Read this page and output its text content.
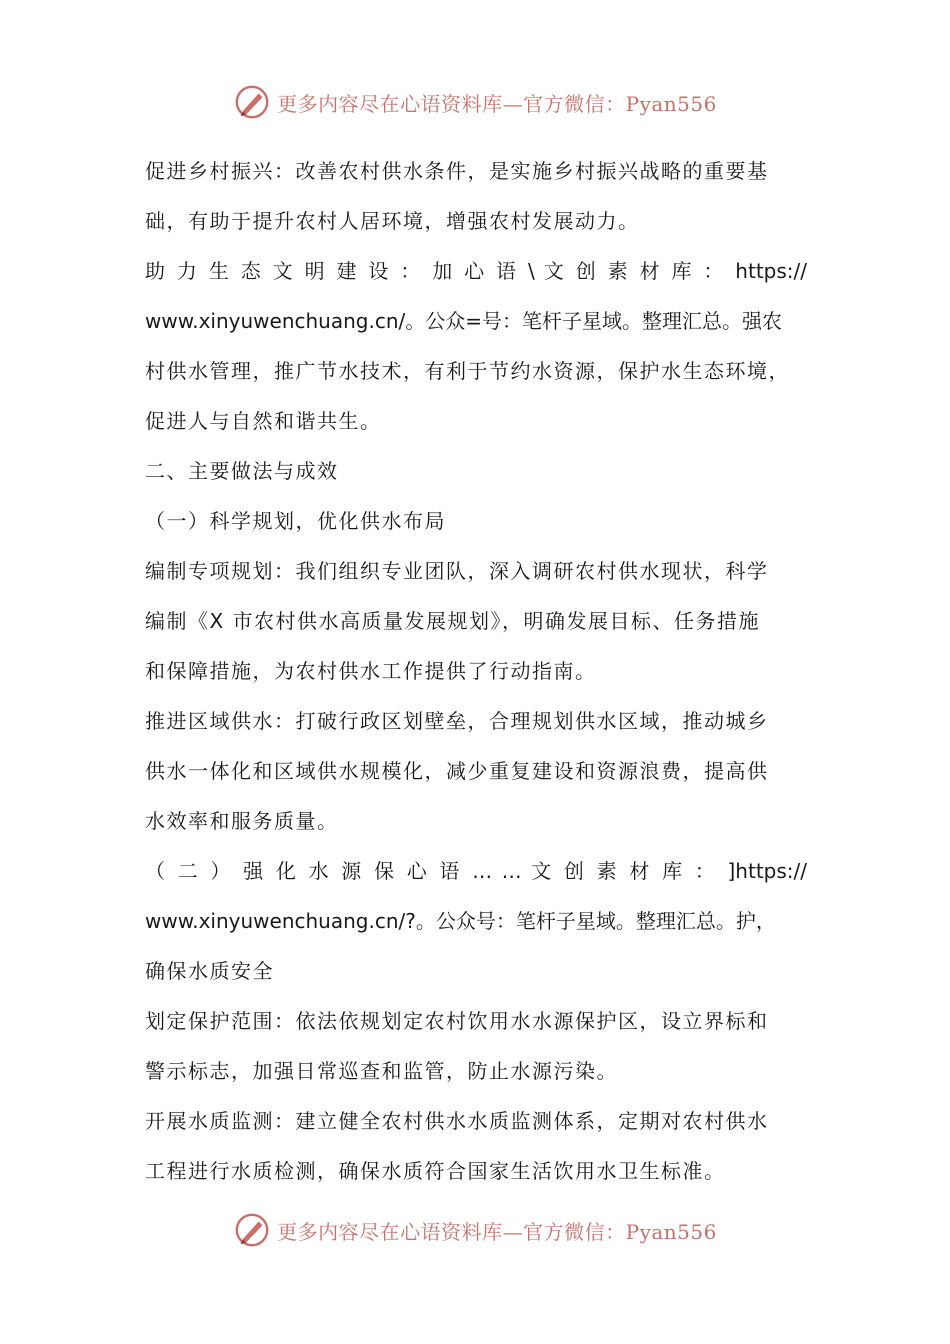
更多内容尽在心语资料库—官方微信：Pyan556

促进乡村振兴：改善农村供水条件，是实施乡村振兴战略的重要基

础，有助于提升农村人居环境，增强农村发展动力。

助 力 生 态 文 明 建 设 ： 加 心 语 \ 文 创 素 材 库 ： https://

www.xinyuwenchuang.cn/。公众=号：笔杆子星域。整理汇总。强农

村供水管理，推广节水技术，有利于节约水资源，保护水生态环境，

促进人与自然和谐共生。

二、主要做法与成效

（一）科学规划，优化供水布局

编制专项规划：我们组织专业团队，深入调研农村供水现状，科学

编制《X 市农村供水高质量发展规划》，明确发展目标、任务措施

和保障措施，为农村供水工作提供了行动指南。

推进区域供水：打破行政区划壁垒，合理规划供水区域，推动城乡

供水一体化和区域供水规模化，减少重复建设和资源浪费，提高供

水效率和服务质量。

（ 二 ） 强 化 水 源 保 心 语 … … 文 创 素 材 库 ： ]https://

www.xinyuwenchuang.cn/?。公众号：笔杆子星域。整理汇总。护，

确保水质安全

划定保护范围：依法依规划定农村饮用水水源保护区，设立界标和

警示标志，加强日常巡查和监管，防止水源污染。

开展水质监测：建立健全农村供水水质监测体系，定期对农村供水

工程进行水质检测，确保水质符合国家生活饮用水卫生标准。

更多内容尽在心语资料库—官方微信：Pyan556
